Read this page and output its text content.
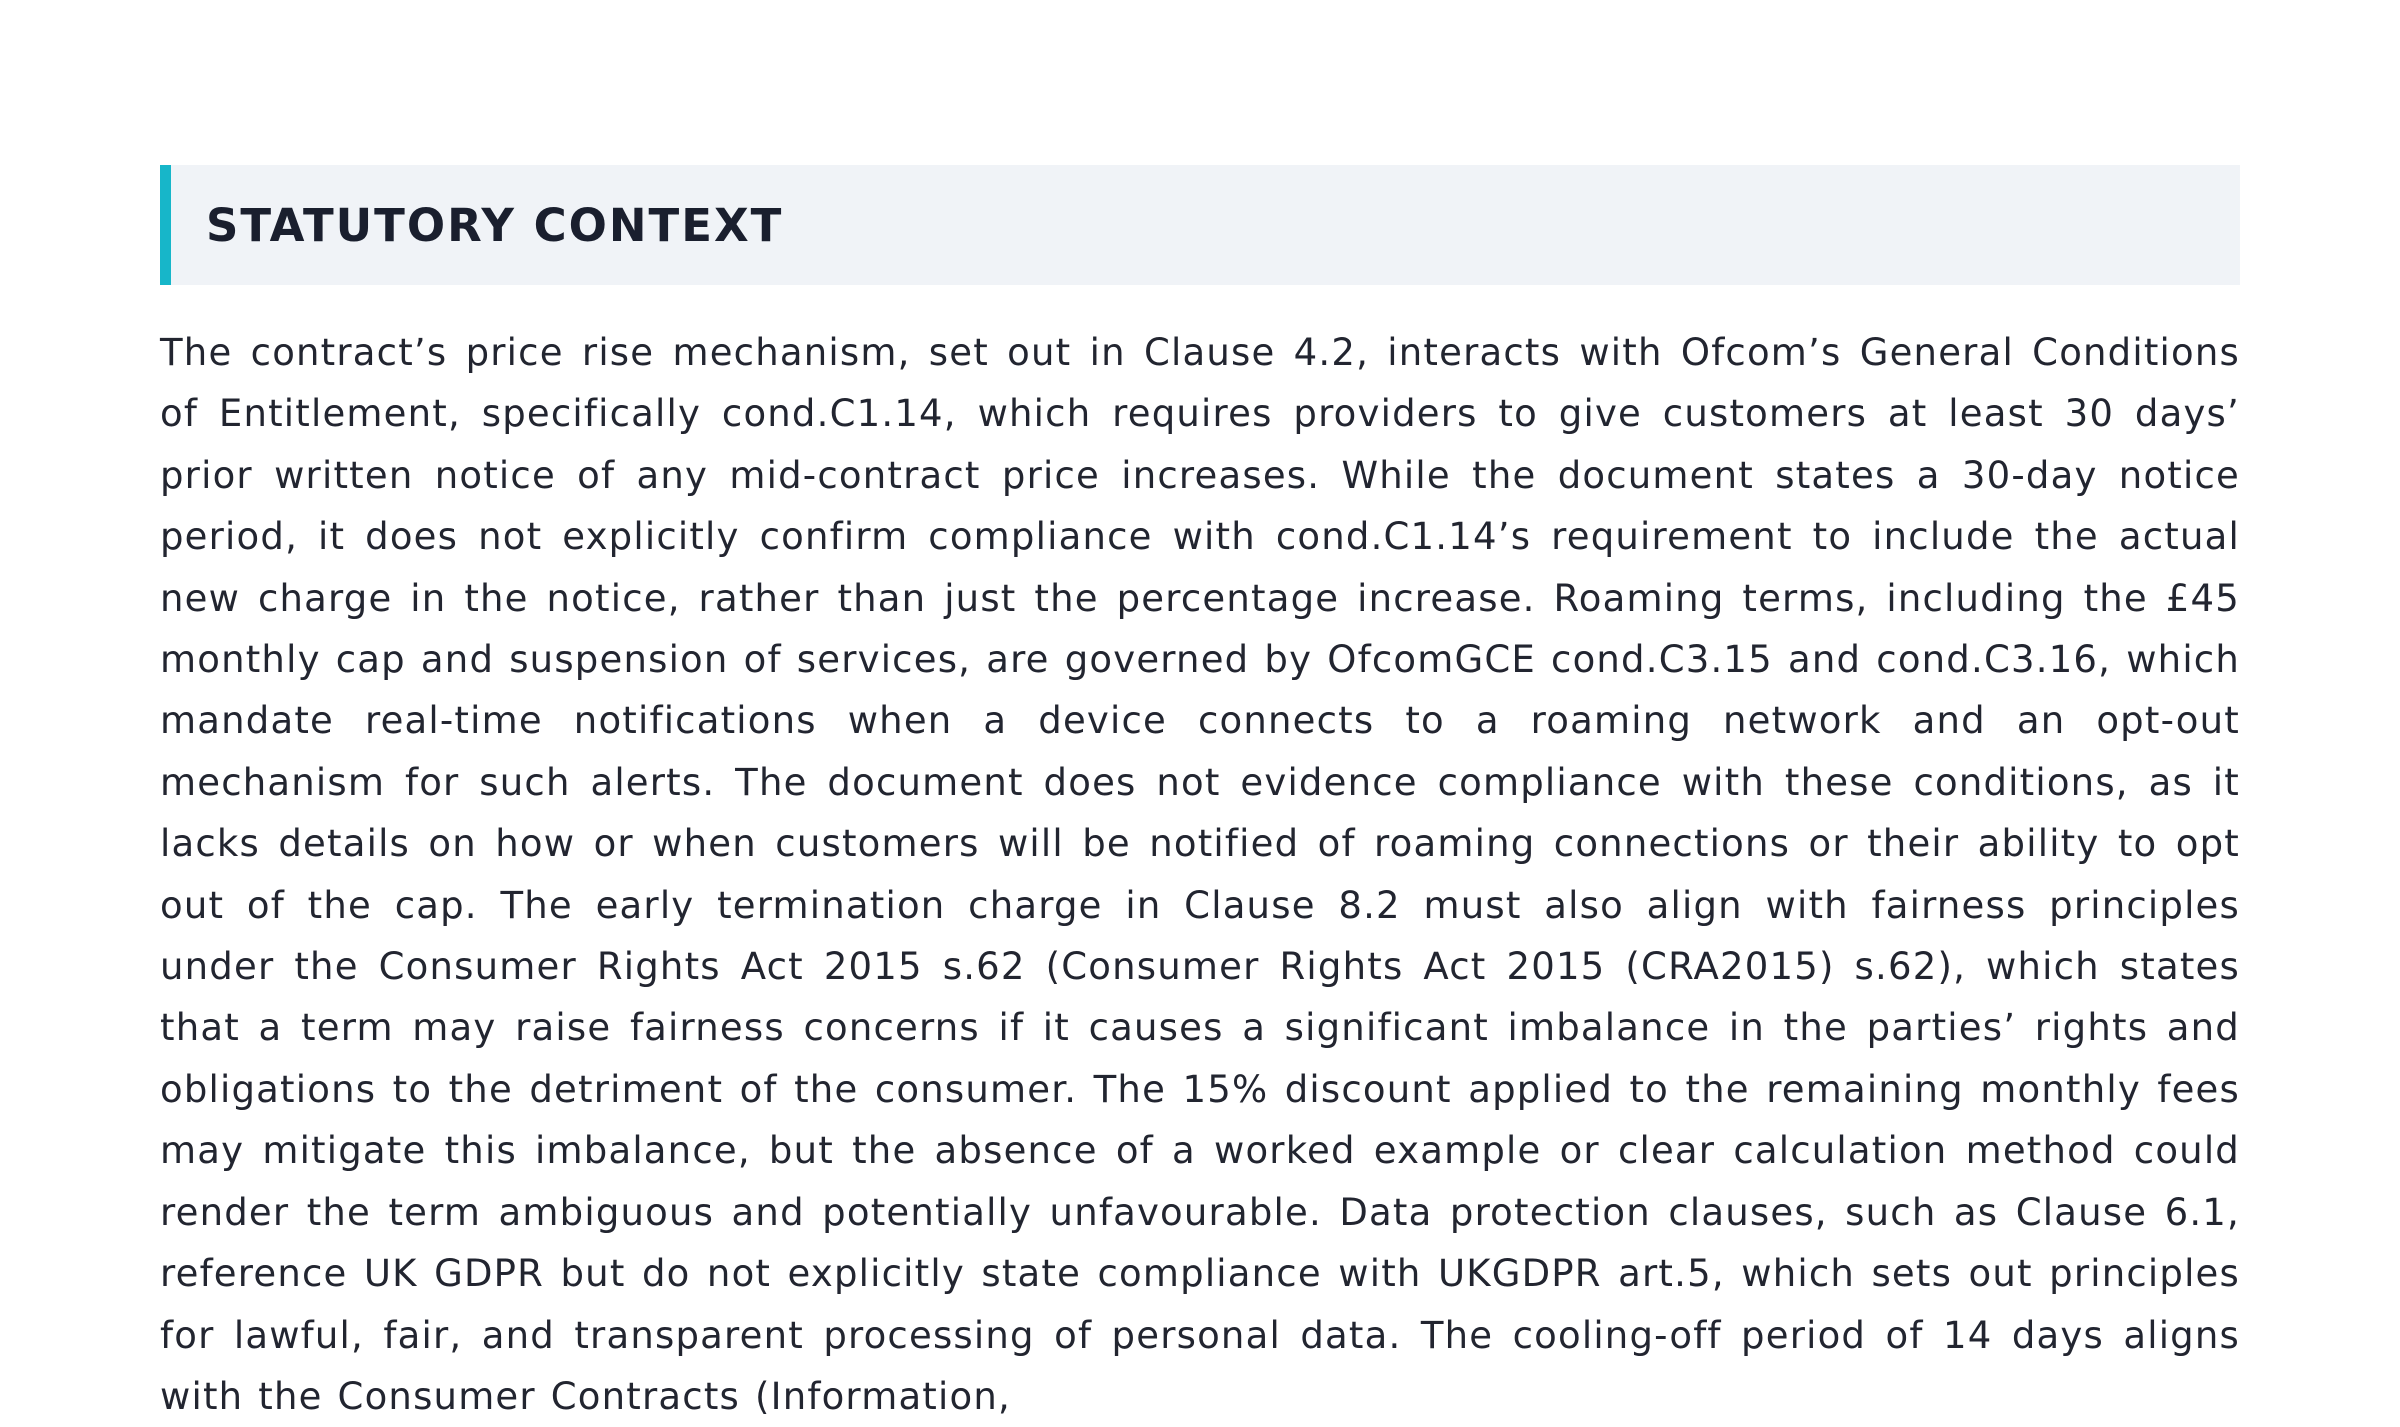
STATUTORY CONTEXT

The contract’s price rise mechanism, set out in Clause 4.2, interacts with Ofcom’s General Conditions of Entitlement, specifically cond.C1.14, which requires providers to give customers at least 30 days’ prior written notice of any mid-contract price increases. While the document states a 30-day notice period, it does not explicitly confirm compliance with cond.C1.14’s requirement to include the actual new charge in the notice, rather than just the percentage increase. Roaming terms, including the £45 monthly cap and suspension of services, are governed by OfcomGCE cond.C3.15 and cond.C3.16, which mandate real-time notifications when a device connects to a roaming network and an opt-out mechanism for such alerts. The document does not evidence compliance with these conditions, as it lacks details on how or when customers will be notified of roaming connections or their ability to opt out of the cap. The early termination charge in Clause 8.2 must also align with fairness principles under the Consumer Rights Act 2015 s.62 (Consumer Rights Act 2015 (CRA2015) s.62), which states that a term may raise fairness concerns if it causes a significant imbalance in the parties’ rights and obligations to the detriment of the consumer. The 15% discount applied to the remaining monthly fees may mitigate this imbalance, but the absence of a worked example or clear calculation method could render the term ambiguous and potentially unfavourable. Data protection clauses, such as Clause 6.1, reference UK GDPR but do not explicitly state compliance with UKGDPR art.5, which sets out principles for lawful, fair, and transparent processing of personal data. The cooling-off period of 14 days aligns with the Consumer Contracts (Information,
